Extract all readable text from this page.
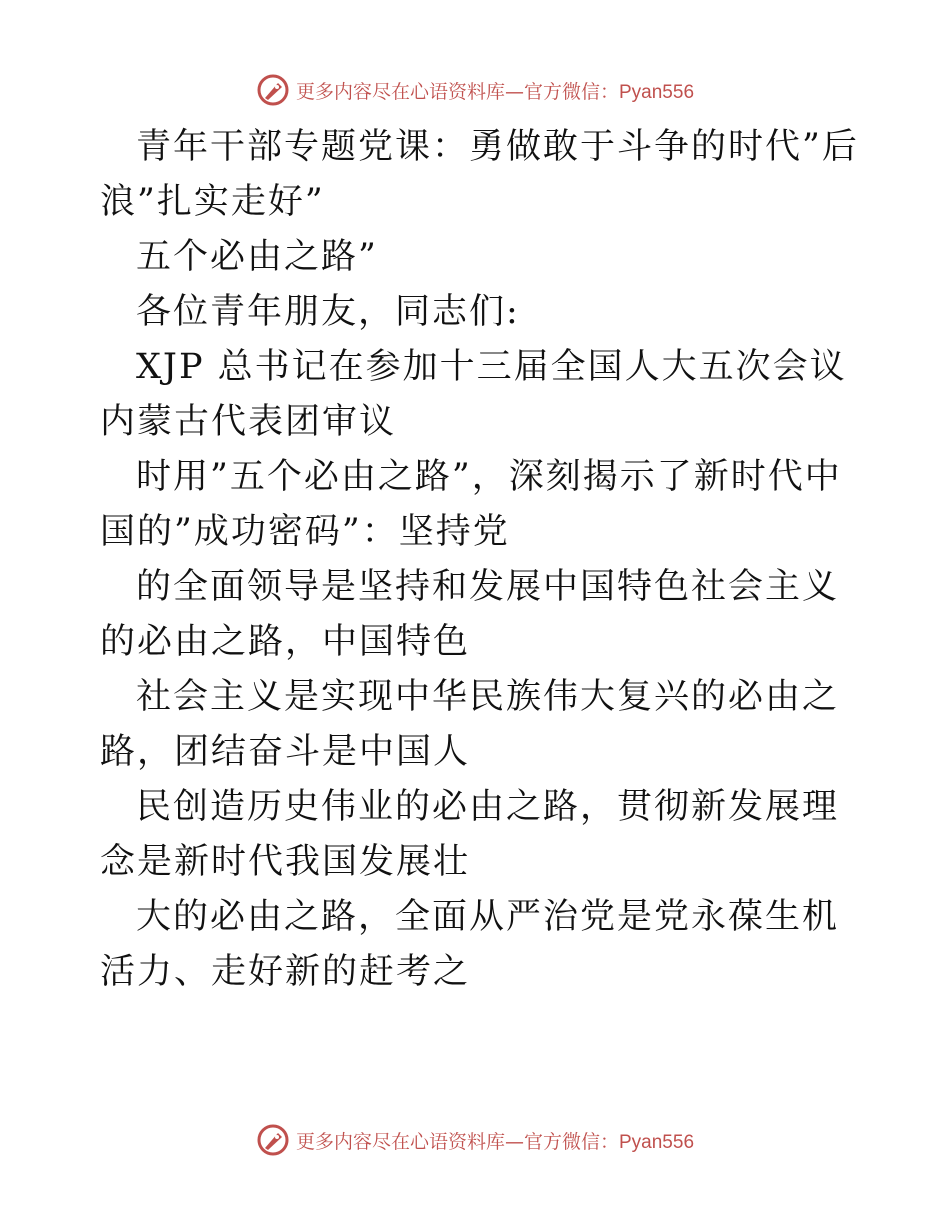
更多内容尽在心语资料库—官方微信：Pyan556

青年干部专题党课：勇做敢于斗争的时代”后浪”扎实走好”

五个必由之路”

各位青年朋友，同志们:

XJP 总书记在参加十三届全国人大五次会议内蒙古代表团审议

时用”五个必由之路”，深刻揭示了新时代中国的”成功密码”：坚持党

的全面领导是坚持和发展中国特色社会主义的必由之路，中国特色

社会主义是实现中华民族伟大复兴的必由之路，团结奋斗是中国人

民创造历史伟业的必由之路，贯彻新发展理念是新时代我国发展壮

大的必由之路，全面从严治党是党永葆生机活力、走好新的赶考之

更多内容尽在心语资料库—官方微信：Pyan556
